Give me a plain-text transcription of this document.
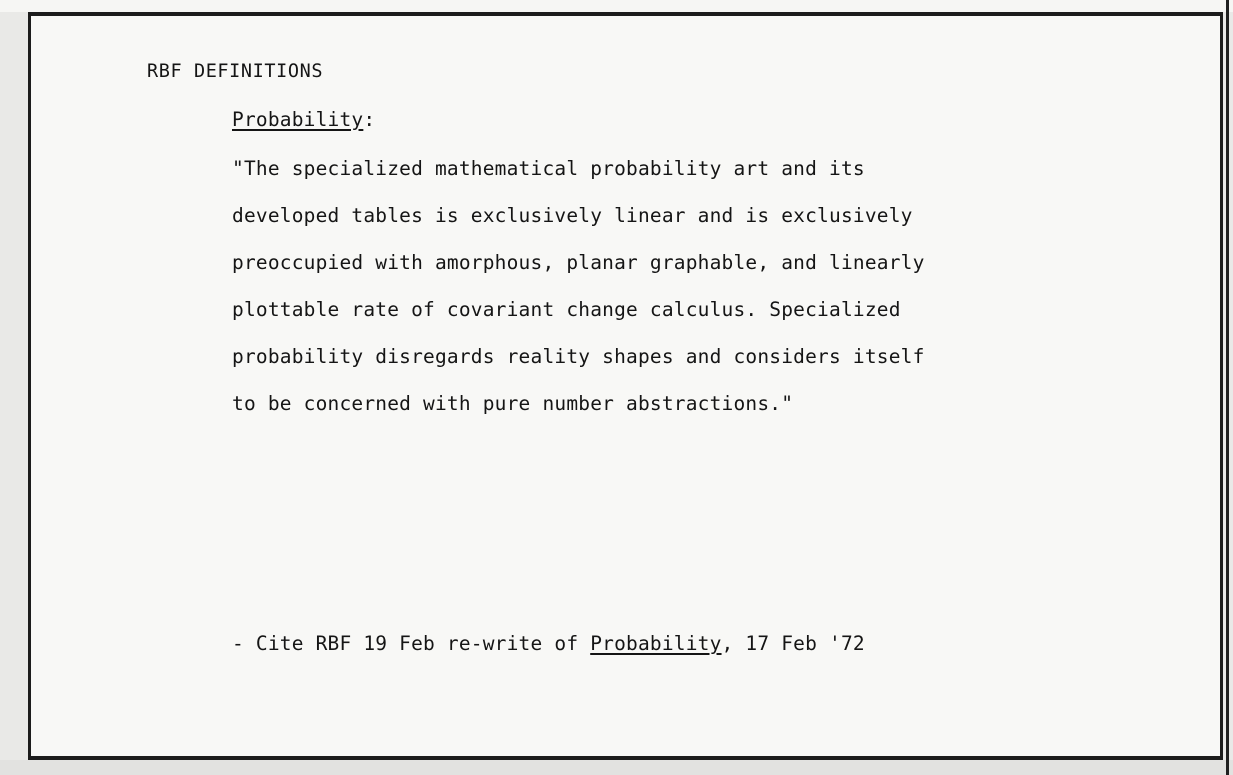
RBF DEFINITIONS
Probability:
"The specialized mathematical probability art and its
developed tables is exclusively linear and is exclusively
preoccupied with amorphous, planar graphable, and linearly
plottable rate of covariant change calculus. Specialized
probability disregards reality shapes and considers itself
to be concerned with pure number abstractions."
- Cite RBF 19 Feb re-write of Probability, 17 Feb '72
